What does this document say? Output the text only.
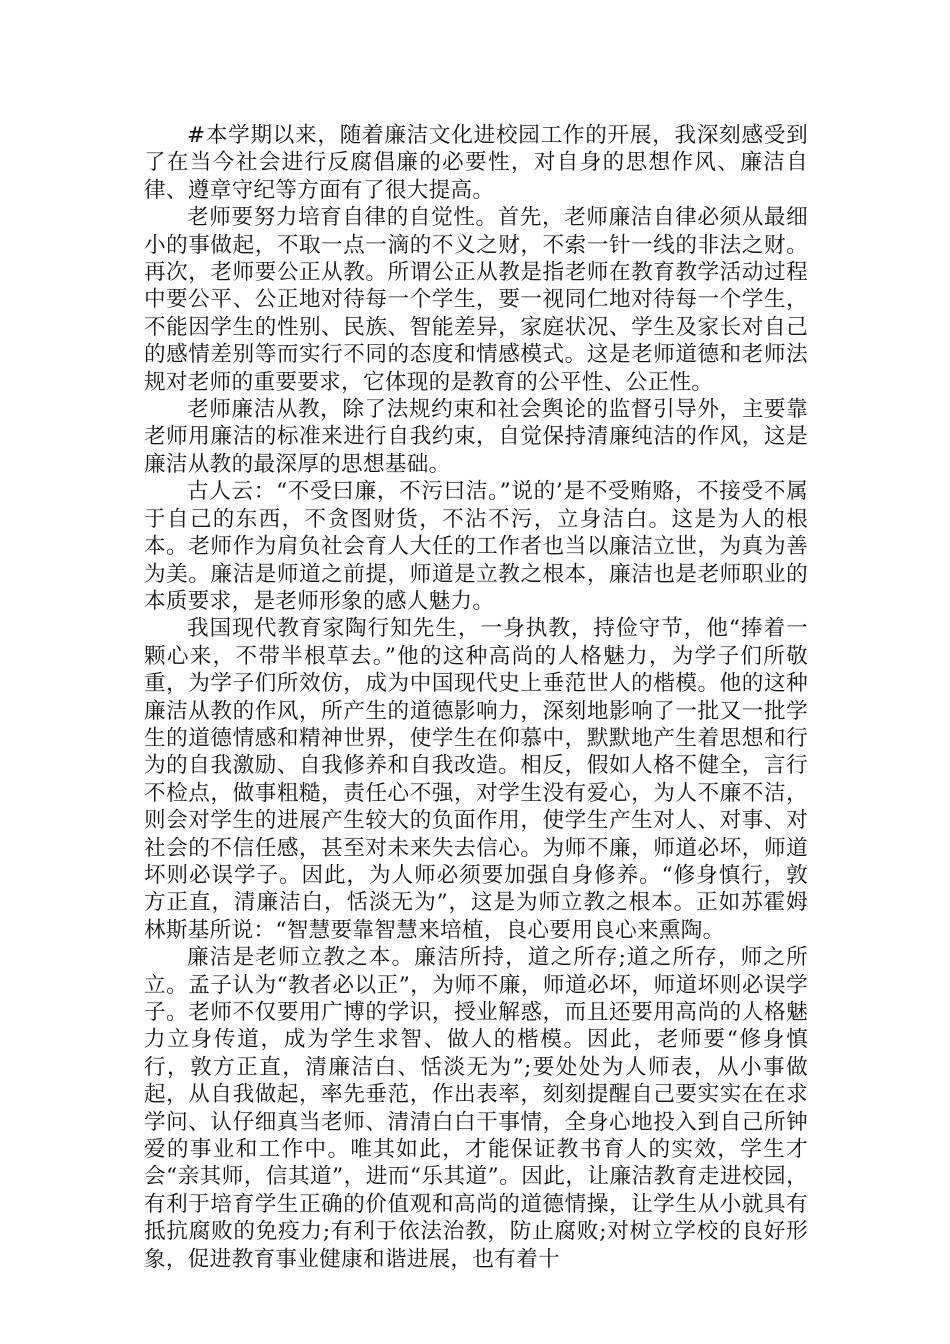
#本学期以来，随着廉洁文化进校园工作的开展，我深刻感受到了在当今社会进行反腐倡廉的必要性，对自身的思想作风、廉洁自律、遵章守纪等方面有了很大提高。

老师要努力培育自律的自觉性。首先，老师廉洁自律必须从最细小的事做起，不取一点一滴的不义之财，不索一针一线的非法之财。再次，老师要公正从教。所谓公正从教是指老师在教育教学活动过程中要公平、公正地对待每一个学生，要一视同仁地对待每一个学生，不能因学生的性别、民族、智能差异，家庭状况、学生及家长对自己的感情差别等而实行不同的态度和情感模式。这是老师道德和老师法规对老师的重要要求，它体现的是教育的公平性、公正性。

老师廉洁从教，除了法规约束和社会舆论的监督引导外，主要靠老师用廉洁的标准来进行自我约束，自觉保持清廉纯洁的作风，这是廉洁从教的最深厚的思想基础。

古人云：“不受曰廉，不污曰洁。”说的’是不受贿赂，不接受不属于自己的东西，不贪图财货，不沾不污，立身洁白。这是为人的根本。老师作为肩负社会育人大任的工作者也当以廉洁立世，为真为善为美。廉洁是师道之前提，师道是立教之根本，廉洁也是老师职业的本质要求，是老师形象的感人魅力。

我国现代教育家陶行知先生，一身执教，持俭守节，他“捧着一颗心来，不带半根草去。”他的这种高尚的人格魅力，为学子们所敬重，为学子们所效仿，成为中国现代史上垂范世人的楷模。他的这种廉洁从教的作风，所产生的道德影响力，深刻地影响了一批又一批学生的道德情感和精神世界，使学生在仰慕中，默默地产生着思想和行为的自我激励、自我修养和自我改造。相反，假如人格不健全，言行不检点，做事粗糙，责任心不强，对学生没有爱心，为人不廉不洁，则会对学生的进展产生较大的负面作用，使学生产生对人、对事、对社会的不信任感，甚至对未来失去信心。为师不廉，师道必坏，师道坏则必误学子。因此，为人师必须要加强自身修养。“修身慎行，敦方正直，清廉洁白，恬淡无为”，这是为师立教之根本。正如苏霍姆林斯基所说：“智慧要靠智慧来培植，良心要用良心来熏陶。

廉洁是老师立教之本。廉洁所持，道之所存;道之所存，师之所立。孟子认为“教者必以正”，为师不廉，师道必坏，师道坏则必误学子。老师不仅要用广博的学识，授业解惑，而且还要用高尚的人格魅力立身传道，成为学生求智、做人的楷模。因此，老师要“修身慎行，敦方正直，清廉洁白、恬淡无为”;要处处为人师表，从小事做起，从自我做起，率先垂范，作出表率，刻刻提醒自己要实实在在求学问、认仔细真当老师、清清白白干事情，全身心地投入到自己所钟爱的事业和工作中。唯其如此，才能保证教书育人的实效，学生才会“亲其师，信其道”，进而“乐其道”。因此，让廉洁教育走进校园，有利于培育学生正确的价值观和高尚的道德情操，让学生从小就具有抵抗腐败的免疫力;有利于依法治教，防止腐败;对树立学校的良好形象，促进教育事业健康和谐进展，也有着十
